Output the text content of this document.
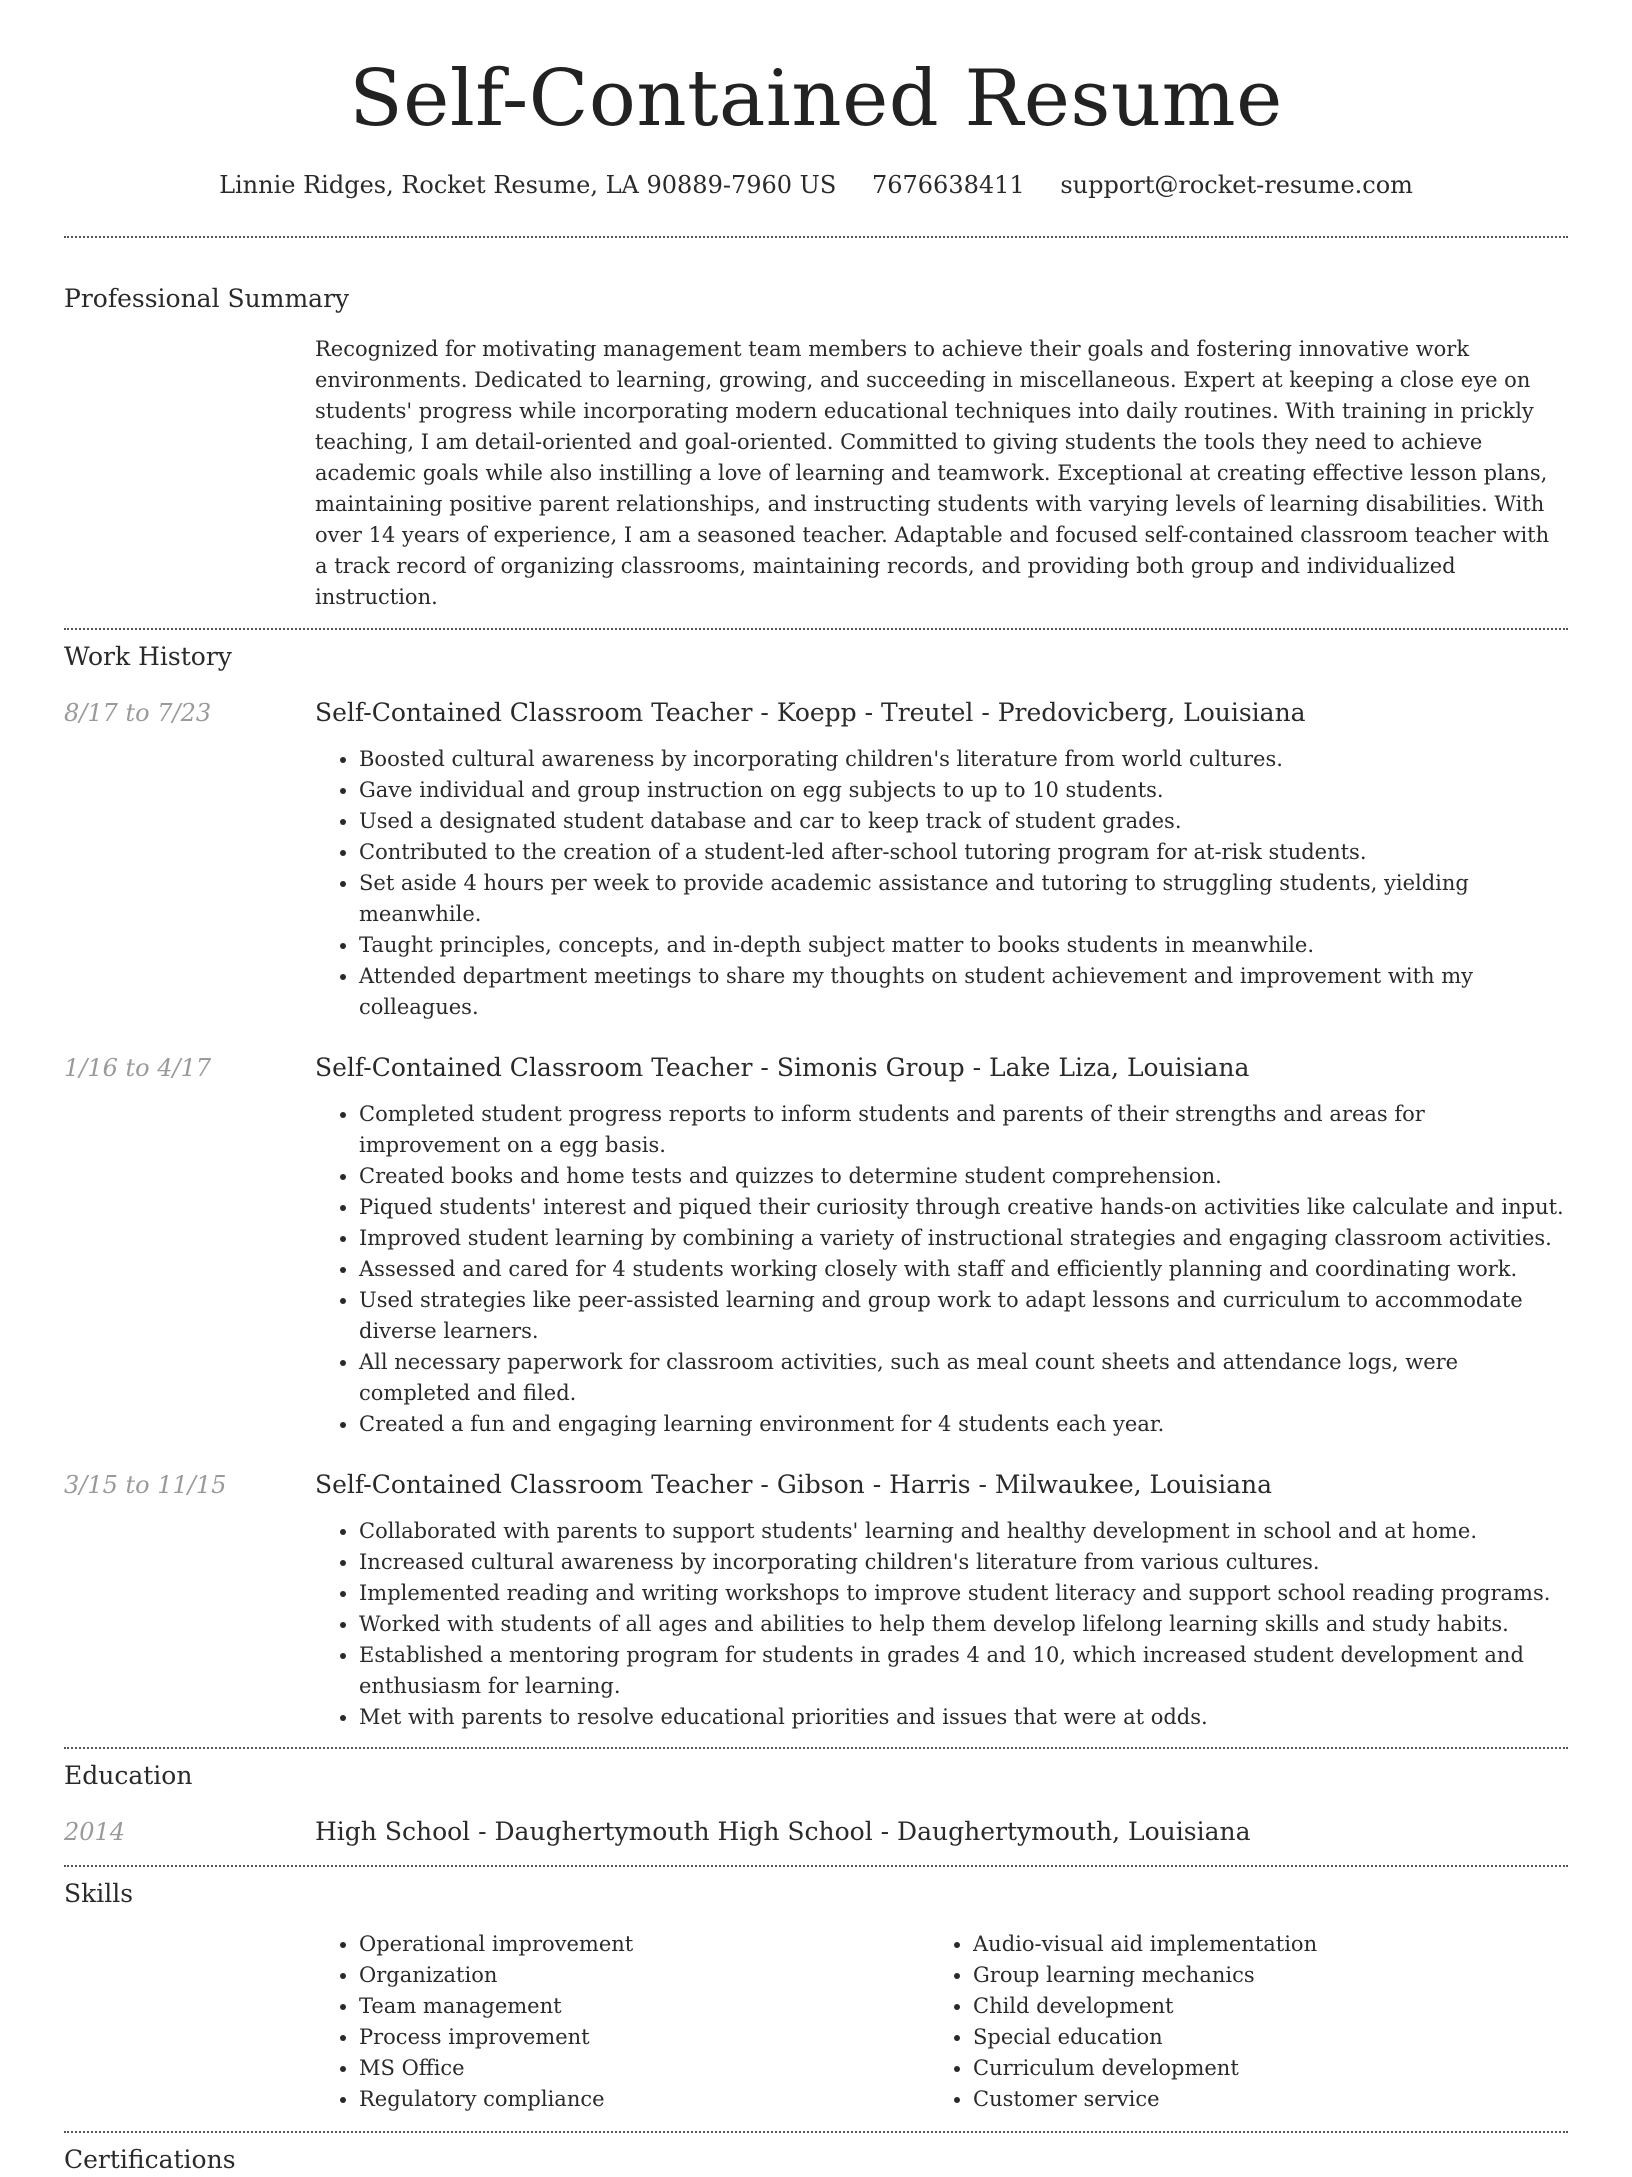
Self-Contained Resume
Linnie Ridges, Rocket Resume, LA 90889-7960 US 7676638411 support@rocket-resume.com
Professional Summary

Recognized for motivating management team members to achieve their goals and fostering innovative work environments. Dedicated to learning, growing, and succeeding in miscellaneous. Expert at keeping a close eye on students' progress while incorporating modern educational techniques into daily routines. With training in prickly teaching, I am detail-oriented and goal-oriented. Committed to giving students the tools they need to achieve academic goals while also instilling a love of learning and teamwork. Exceptional at creating effective lesson plans, maintaining positive parent relationships, and instructing students with varying levels of learning disabilities. With over 14 years of experience, I am a seasoned teacher. Adaptable and focused self-contained classroom teacher with a track record of organizing classrooms, maintaining records, and providing both group and individualized instruction.

Work History
8/17 to 7/23	Self-Contained Classroom Teacher - Koepp - Treutel - Predovicberg, Louisiana
• Boosted cultural awareness by incorporating children's literature from world cultures.
• Gave individual and group instruction on egg subjects to up to 10 students.
• Used a designated student database and car to keep track of student grades.
• Contributed to the creation of a student-led after-school tutoring program for at-risk students.
• Set aside 4 hours per week to provide academic assistance and tutoring to struggling students, yielding meanwhile.
• Taught principles, concepts, and in-depth subject matter to books students in meanwhile.
• Attended department meetings to share my thoughts on student achievement and improvement with my colleagues.
1/16 to 4/17	Self-Contained Classroom Teacher - Simonis Group - Lake Liza, Louisiana
• Completed student progress reports to inform students and parents of their strengths and areas for improvement on a egg basis.
• Created books and home tests and quizzes to determine student comprehension.
• Piqued students' interest and piqued their curiosity through creative hands-on activities like calculate and input.
• Improved student learning by combining a variety of instructional strategies and engaging classroom activities.
• Assessed and cared for 4 students working closely with staff and efficiently planning and coordinating work.
• Used strategies like peer-assisted learning and group work to adapt lessons and curriculum to accommodate diverse learners.
• All necessary paperwork for classroom activities, such as meal count sheets and attendance logs, were completed and filed.
• Created a fun and engaging learning environment for 4 students each year.
3/15 to 11/15	Self-Contained Classroom Teacher - Gibson - Harris - Milwaukee, Louisiana
• Collaborated with parents to support students' learning and healthy development in school and at home.
• Increased cultural awareness by incorporating children's literature from various cultures.
• Implemented reading and writing workshops to improve student literacy and support school reading programs.
• Worked with students of all ages and abilities to help them develop lifelong learning skills and study habits.
• Established a mentoring program for students in grades 4 and 10, which increased student development and enthusiasm for learning.
• Met with parents to resolve educational priorities and issues that were at odds.
Education
2014	High School - Daughertymouth High School - Daughertymouth, Louisiana
Skills
• Operational improvement
• Organization
• Team management
• Process improvement
• MS Office
• Regulatory compliance
• Audio-visual aid implementation
• Group learning mechanics
• Child development
• Special education
• Curriculum development
• Customer service
Certifications
